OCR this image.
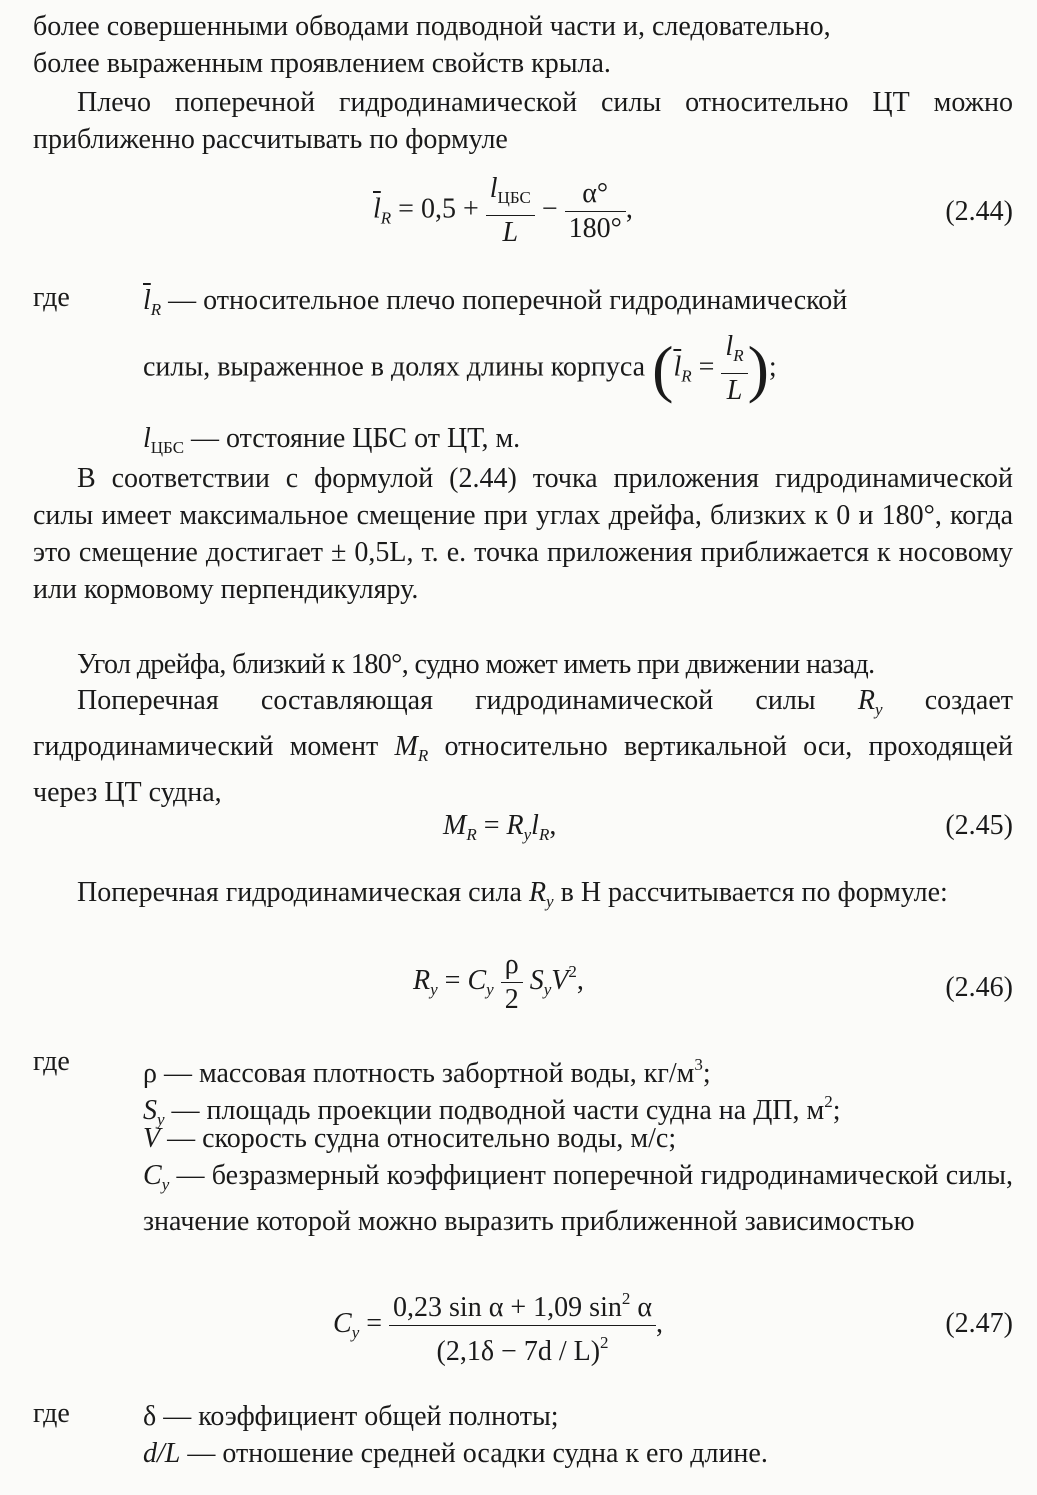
более совершенными обводами подводной части и, следовательно,

более выраженным проявлением свойств крыла.

Плечо поперечной гидродинамической силы относительно ЦТ можно приближенно рассчитывать по формуле

$\overline{l}_R = 0,5 + \frac{l_{ЦБС}}{L} - \frac{\alpha^\circ}{180^\circ}$ ,	(2.44)
где	$\overline{l}_R$ — относительное плечо поперечной гидродинамической
силы, выраженное в долях длины корпуса ($\overline{l}_R = \frac{l_R}{L}$ );
$l_{ЦБС}$ — отстояние ЦБС от ЦТ, м.

В соответствии с формулой (2.44) точка приложения гидродинамической силы имеет максимальное смещение при углах дрейфа, близких к 0 и 180°, когда это смещение достигает ± 0,5L, т. е. точка приложения приближается к носовому или кормовому перпендикуляру.

Угол дрейфа, близкий к 180°, судно может иметь при движении назад.

Поперечная составляющая гидродинамической силы $R_y$ создает гидродинамический момент $M_R$ относительно вертикальной оси, проходящей через ЦТ судна,

$M_R = R_yl_R$,	(2.45)

Поперечная гидродинамическая сила $R_y$ в Н рассчитывается по формуле:

$R_y = C_y \frac{\rho}{2} S_yV^2$,	(2.46)
где	ρ — массовая плотность забортной воды, $кг/м^3$;
$S_y$ — площадь проекции подводной части судна на ДП, $м^2$;
V — скорость судна относительно воды, м/с;
$C_y$ — безразмерный коэффициент поперечной гидродинамической силы, значение которой можно выразить приближенной зависимостью
$C_y = \frac{0,23 \sin \alpha + 1,09 \sin^2 \alpha}{(2,1\delta - 7d / L)^2}$ ,	(2.47)
где	δ — коэффициент общей полноты;
d/L — отношение средней осадки судна к его длине.
